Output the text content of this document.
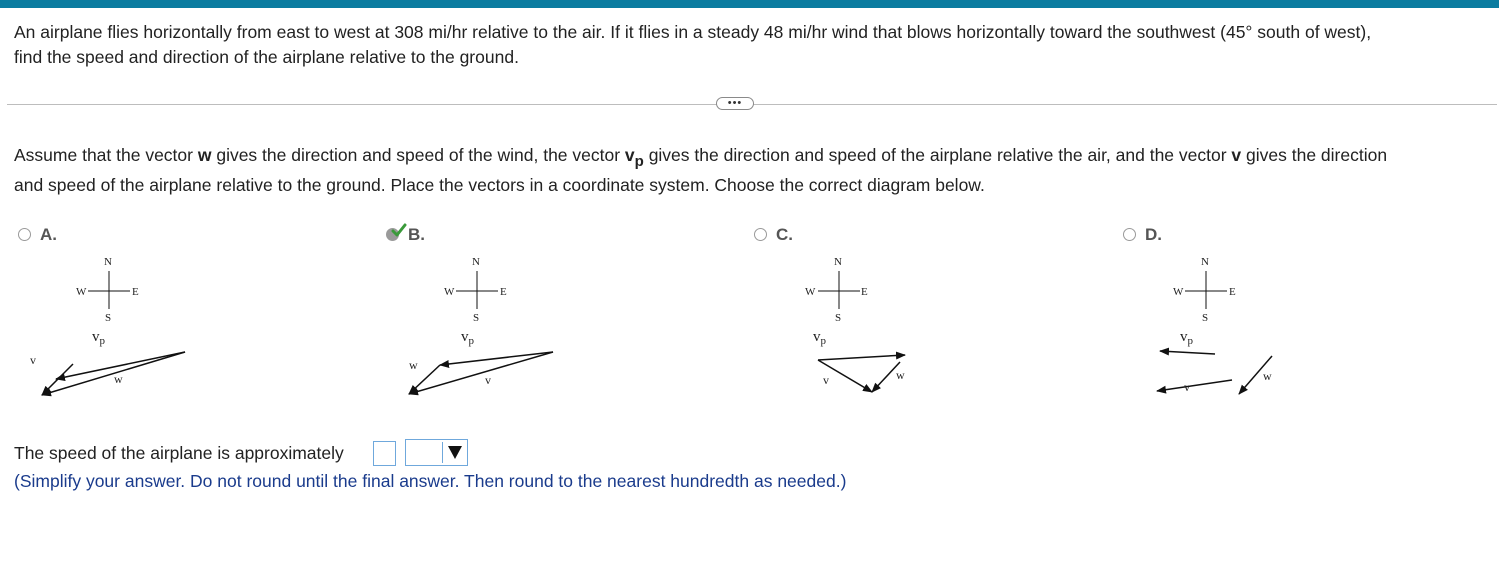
An airplane flies horizontally from east to west at 308 mi/hr relative to the air. If it flies in a steady 48 mi/hr wind that blows horizontally toward the southwest (45° south of west),
find the speed and direction of the airplane relative to the ground.
•••
Assume that the vector w gives the direction and speed of the wind, the vector $v_p$ gives the direction and speed of the airplane relative the air, and the vector v gives the direction
and speed of the airplane relative to the ground. Place the vectors in a coordinate system. Choose the correct diagram below.
A.	B.	C.	D.
N
W	E
S
$v_p$
v
w
N
W	E
S
$v_p$
w
v
N
W	E
S
$v_p$
v	w
N
W	E
S
$v_p$
v
w
The speed of the airplane is approximately
(Simplify your answer. Do not round until the final answer. Then round to the nearest hundredth as needed.)
